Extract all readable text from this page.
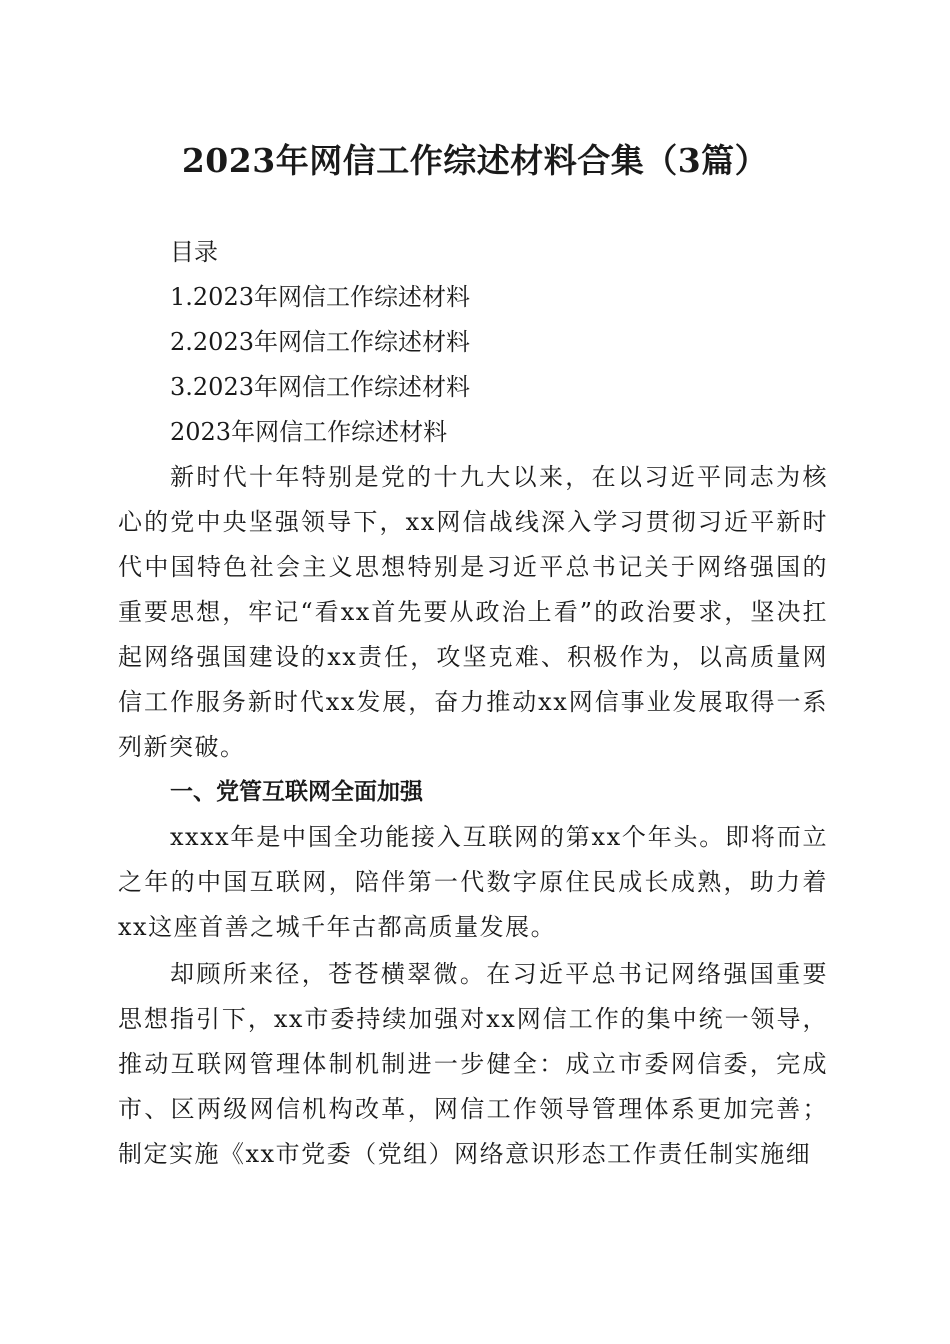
2023年网信工作综述材料合集（3篇）
目录
1.2023年网信工作综述材料
2.2023年网信工作综述材料
3.2023年网信工作综述材料
2023年网信工作综述材料

新时代十年特别是党的十九大以来，在以习近平同志为核心的党中央坚强领导下，xx网信战线深入学习贯彻习近平新时代中国特色社会主义思想特别是习近平总书记关于网络强国的重要思想，牢记“看xx首先要从政治上看”的政治要求，坚决扛起网络强国建设的xx责任，攻坚克难、积极作为，以高质量网信工作服务新时代xx发展，奋力推动xx网信事业发展取得一系列新突破。

一、党管互联网全面加强

xxxx年是中国全功能接入互联网的第xx个年头。即将而立之年的中国互联网，陪伴第一代数字原住民成长成熟，助力着xx这座首善之城千年古都高质量发展。

却顾所来径，苍苍横翠微。在习近平总书记网络强国重要思想指引下，xx市委持续加强对xx网信工作的集中统一领导，推动互联网管理体制机制进一步健全：成立市委网信委，完成市、区两级网信机构改革，网信工作领导管理体系更加完善；制定实施《xx市党委（党组）网络意识形态工作责任制实施细
